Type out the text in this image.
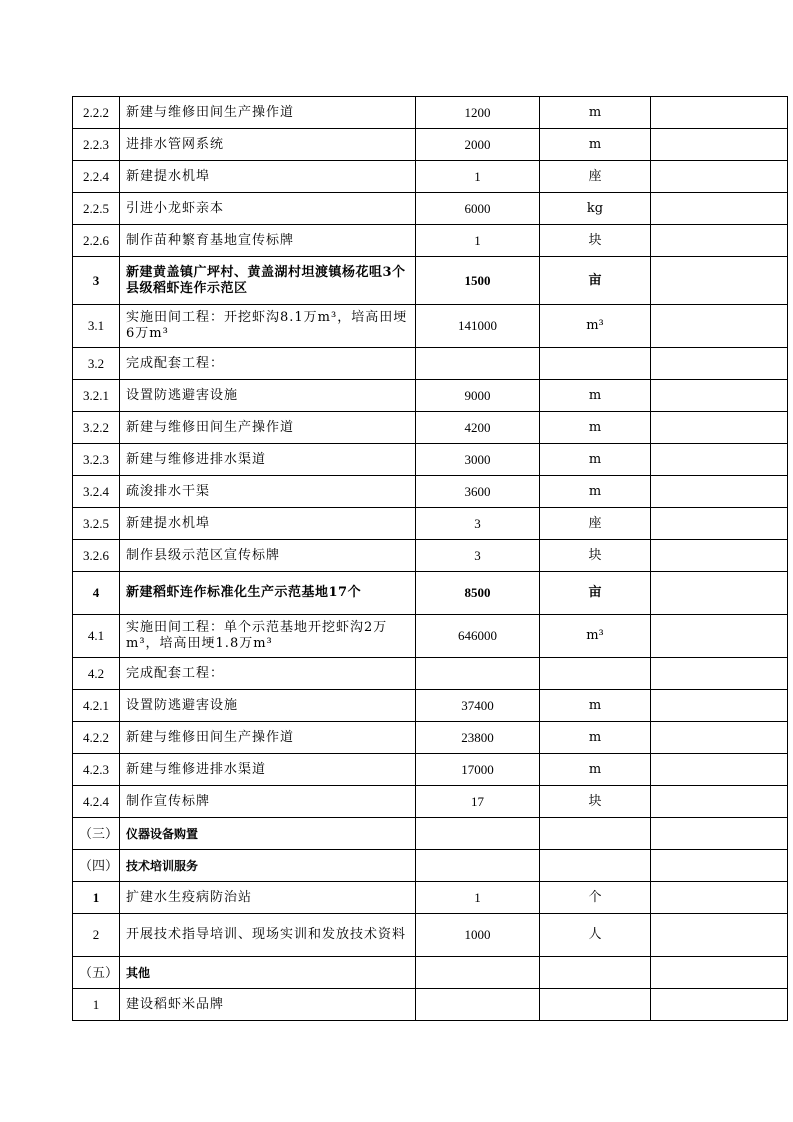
2.2.2	新建与维修田间生产操作道	1200	m	
2.2.3	进排水管网系统	2000	m	
2.2.4	新建提水机埠	1	座	
2.2.5	引进小龙虾亲本	6000	kg	
2.2.6	制作苗种繁育基地宣传标牌	1	块	
3	新建黄盖镇广坪村、黄盖湖村坦渡镇杨花咀3个县级稻虾连作示范区	1500	亩	
3.1	实施田间工程：开挖虾沟8.1万m³，培高田埂6万m³	141000	m³	
3.2	完成配套工程：			
3.2.1	设置防逃避害设施	9000	m	
3.2.2	新建与维修田间生产操作道	4200	m	
3.2.3	新建与维修进排水渠道	3000	m	
3.2.4	疏浚排水干渠	3600	m	
3.2.5	新建提水机埠	3	座	
3.2.6	制作县级示范区宣传标牌	3	块	
4	新建稻虾连作标准化生产示范基地17个	8500	亩	
4.1	实施田间工程：单个示范基地开挖虾沟2万m³，培高田埂1.8万m³	646000	m³	
4.2	完成配套工程：			
4.2.1	设置防逃避害设施	37400	m	
4.2.2	新建与维修田间生产操作道	23800	m	
4.2.3	新建与维修进排水渠道	17000	m	
4.2.4	制作宣传标牌	17	块	
（三）	仪器设备购置			
（四）	技术培训服务			
1	扩建水生疫病防治站	1	个	
2	开展技术指导培训、现场实训和发放技术资料	1000	人	
（五）	其他			
1	建设稻虾米品牌			
